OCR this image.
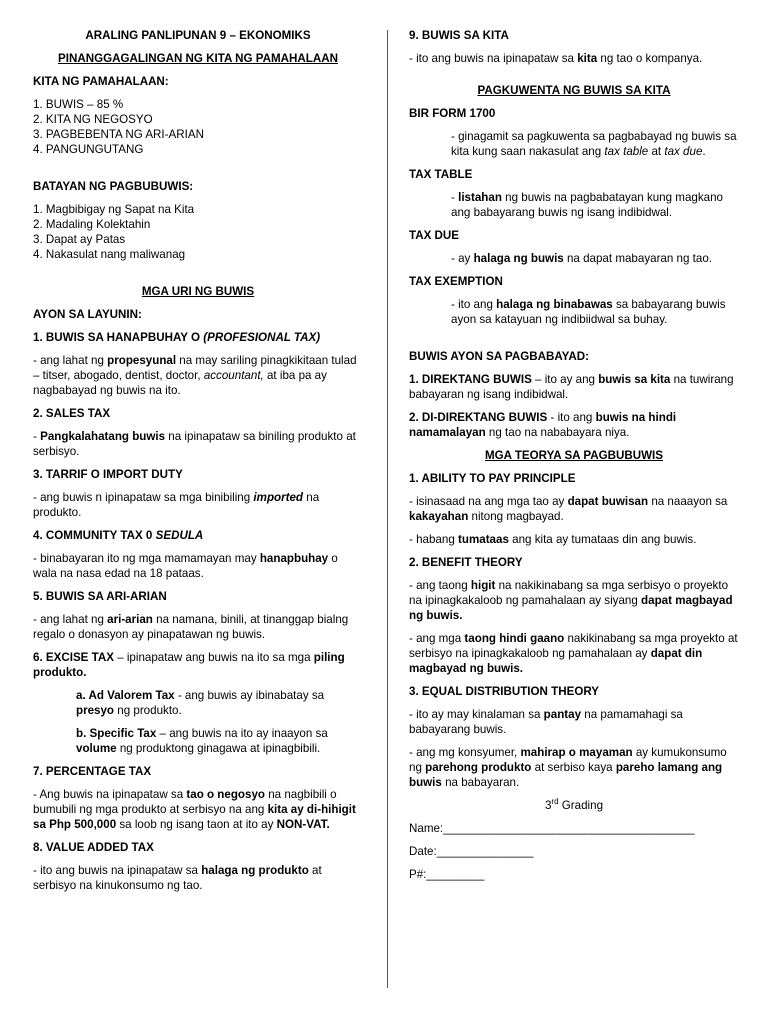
ARALING PANLIPUNAN 9 – EKONOMIKS
PINANGGAGALINGAN NG KITA NG PAMAHALAAN
KITA NG PAMAHALAAN:
1. BUWIS – 85 %
2. KITA NG NEGOSYO
3. PAGBEBENTA NG ARI-ARIAN
4. PANGUNGUTANG
BATAYAN NG PAGBUBUWIS:
1. Magbibigay ng Sapat na Kita
2. Madaling Kolektahin
3. Dapat ay Patas
4. Nakasulat nang maliwanag
MGA URI NG BUWIS
AYON SA LAYUNIN:
1. BUWIS SA HANAPBUHAY O (PROFESIONAL TAX)
- ang lahat ng propesyunal na may sariling pinagkikitaan tulad – titser, abogado, dentist, doctor, accountant, at iba pa ay nagbabayad ng buwis na ito.
2. SALES TAX
- Pangkalahatang buwis na ipinapataw sa biniling produkto at serbisyo.
3. TARRIF O IMPORT DUTY
- ang buwis n ipinapataw sa mga binibiling imported na produkto.
4. COMMUNITY TAX 0 SEDULA
- binabayaran ito ng mga mamamayan may hanapbuhay o wala na nasa edad na 18 pataas.
5. BUWIS SA ARI-ARIAN
- ang lahat ng ari-arian na namana, binili, at tinanggap bialng regalo o donasyon ay pinapatawan ng buwis.
6. EXCISE TAX – ipinapataw ang buwis na ito sa mga piling produkto.
a. Ad Valorem Tax - ang buwis ay ibinabatay sa presyo ng produkto.
b. Specific Tax – ang buwis na ito ay inaayon sa volume ng produktong ginagawa at ipinagbibili.
7. PERCENTAGE TAX
- Ang buwis na ipinapataw sa tao o negosyo na nagbibili o bumubili ng mga produkto at serbisyo na ang kita ay di-hihigit sa Php 500,000 sa loob ng isang taon at ito ay NON-VAT.
8. VALUE ADDED TAX
- ito ang buwis na ipinapataw sa halaga ng produkto at serbisyo na kinukonsumo ng tao.
9. BUWIS SA KITA
- ito ang buwis na ipinapataw sa kita ng tao o kompanya.
PAGKUWENTA NG BUWIS SA KITA
BIR FORM 1700
- ginagamit sa pagkuwenta sa pagbabayad ng buwis sa kita kung saan nakasulat ang tax table at tax due.
TAX TABLE
- listahan ng buwis na pagbabatayan kung magkano ang babayarang buwis ng isang indibidwal.
TAX DUE
- ay halaga ng buwis na dapat mabayaran ng tao.
TAX EXEMPTION
- ito ang halaga ng binabawas sa babayarang buwis ayon sa katayuan ng indibiidwal sa buhay.
BUWIS AYON SA PAGBABAYAD:
1. DIREKTANG BUWIS – ito ay ang buwis sa kita na tuwirang babayaran ng isang indibidwal.
2. DI-DIREKTANG BUWIS - ito ang buwis na hindi namamalayan ng tao na nababayara niya.
MGA TEORYA SA PAGBUBUWIS
1. ABILITY TO PAY PRINCIPLE
- isinasaad na ang mga tao ay dapat buwisan na naaayon sa kakayahan nitong magbayad.
- habang tumataas ang kita ay tumataas din ang buwis.
2. BENEFIT THEORY
- ang taong higit na nakikinabang sa mga serbisyo o proyekto na ipinagkakaloob ng pamahalaan ay siyang dapat magbayad ng buwis.
- ang mga taong hindi gaano nakikinabang sa mga proyekto at serbisyo na ipinagkakaloob ng pamahalaan ay dapat din magbayad ng buwis.
3. EQUAL DISTRIBUTION THEORY
- ito ay may kinalaman sa pantay na pamamahagi sa babayarang buwis.
- ang mg konsyumer, mahirap o mayaman ay kumukonsumo ng parehong produkto at serbiso kaya pareho lamang ang buwis na babayaran.
3rd Grading
Name:_______________________________________
Date:_______________
P#:_________
